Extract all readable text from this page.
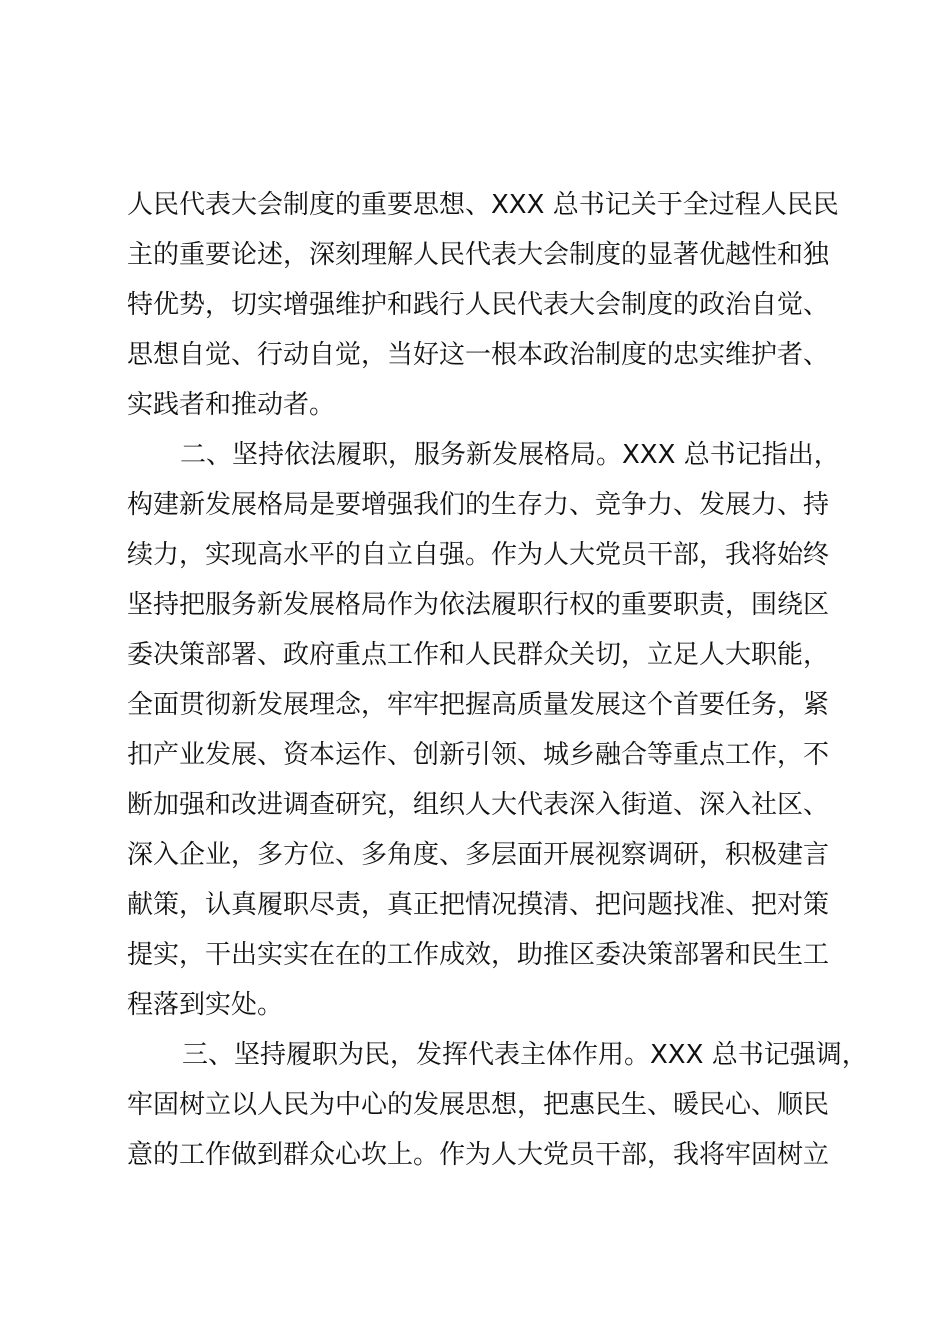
人民代表大会制度的重要思想、XXX 总书记关于全过程人民民

主的重要论述，深刻理解人民代表大会制度的显著优越性和独

特优势，切实增强维护和践行人民代表大会制度的政治自觉、

思想自觉、行动自觉，当好这一根本政治制度的忠实维护者、

实践者和推动者。

二、坚持依法履职，服务新发展格局。XXX 总书记指出，

构建新发展格局是要增强我们的生存力、竞争力、发展力、持

续力，实现高水平的自立自强。作为人大党员干部，我将始终

坚持把服务新发展格局作为依法履职行权的重要职责，围绕区

委决策部署、政府重点工作和人民群众关切，立足人大职能，

全面贯彻新发展理念，牢牢把握高质量发展这个首要任务，紧

扣产业发展、资本运作、创新引领、城乡融合等重点工作，不

断加强和改进调查研究，组织人大代表深入街道、深入社区、

深入企业，多方位、多角度、多层面开展视察调研，积极建言

献策，认真履职尽责，真正把情况摸清、把问题找准、把对策

提实，干出实实在在的工作成效，助推区委决策部署和民生工

程落到实处。

三、坚持履职为民，发挥代表主体作用。XXX 总书记强调，

牢固树立以人民为中心的发展思想，把惠民生、暖民心、顺民

意的工作做到群众心坎上。作为人大党员干部，我将牢固树立
